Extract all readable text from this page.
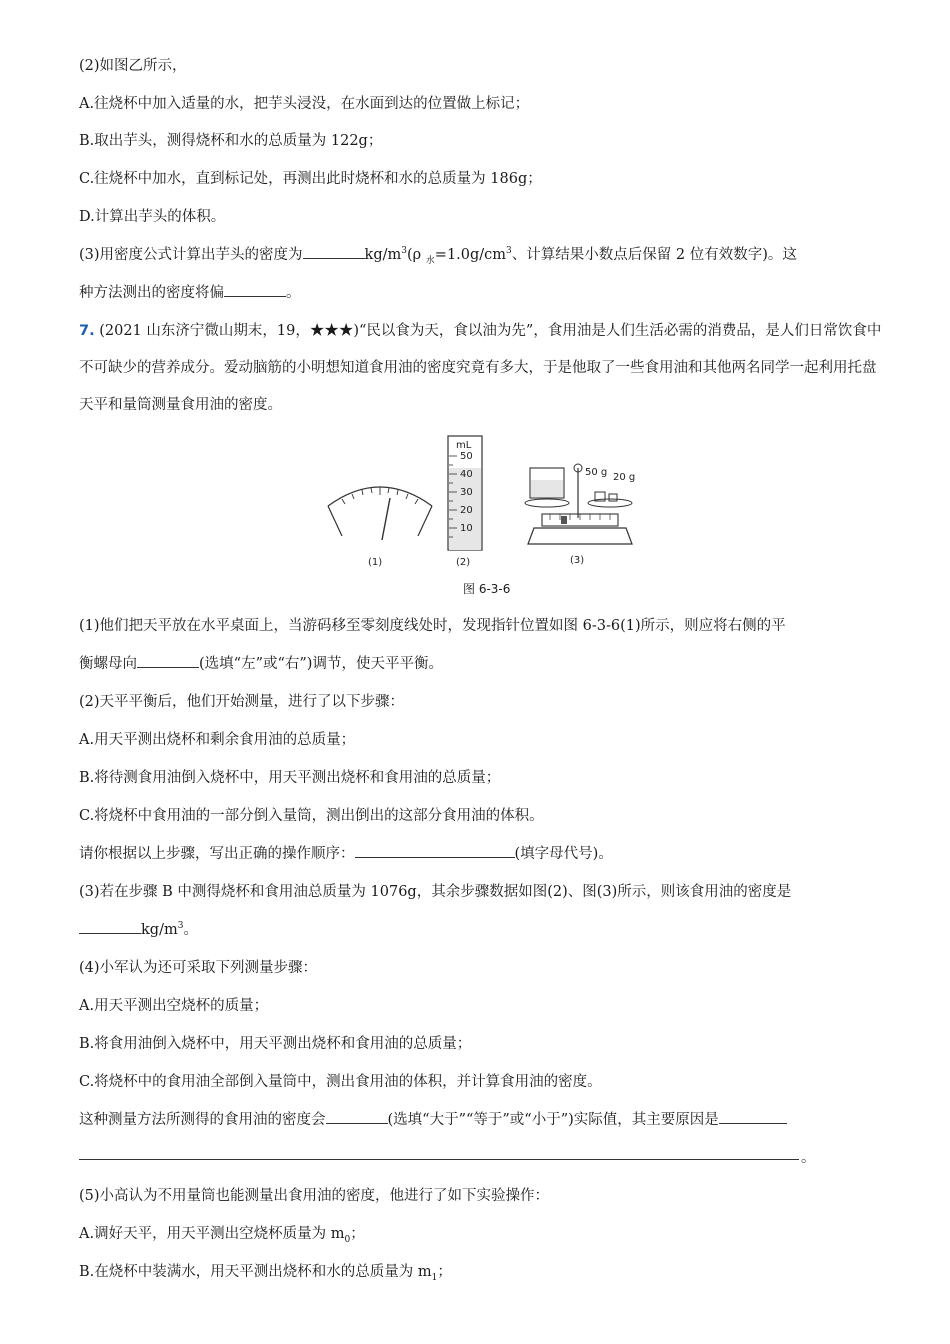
(2)如图乙所示，
A.往烧杯中加入适量的水，把芋头浸没，在水面到达的位置做上标记；
B.取出芋头，测得烧杯和水的总质量为 122g；
C.往烧杯中加水，直到标记处，再测出此时烧杯和水的总质量为 186g；
D.计算出芋头的体积。
(3)用密度公式计算出芋头的密度为	$kg/m^3(\rho$ $_水=1.0g/cm^3$、计算结果小数点后保留 2 位有效数字)。这
种方法测出的密度将偏	。
7. (2021 山东济宁微山期末，19，★★★)“民以食为天，食以油为先”，食用油是人们生活必需的消费品，是人们日常饮食中不可缺少的营养成分。爱动脑筋的小明想知道食用油的密度究竟有多大，于是他取了一些食用油和其他两名同学一起利用托盘天平和量筒测量食用油的密度。
(1)
mL
50
40
30
20
10
(2)
50 g 20 g
(3)
图 6-3-6
(1)他们把天平放在水平桌面上，当游码移至零刻度线处时，发现指针位置如图 6-3-6(1)所示，则应将右侧的平
衡螺母向	(选填“左”或“右”)调节，使天平平衡。
(2)天平平衡后，他们开始测量，进行了以下步骤：
A.用天平测出烧杯和剩余食用油的总质量；
B.将待测食用油倒入烧杯中，用天平测出烧杯和食用油的总质量；
C.将烧杯中食用油的一部分倒入量筒，测出倒出的这部分食用油的体积。
请你根据以上步骤，写出正确的操作顺序：	(填字母代号)。
(3)若在步骤 B 中测得烧杯和食用油总质量为 1076g，其余步骤数据如图(2)、图(3)所示，则该食用油的密度是
$kg/m^3$。
(4)小军认为还可采取下列测量步骤：
A.用天平测出空烧杯的质量；
B.将食用油倒入烧杯中，用天平测出烧杯和食用油的总质量；
C.将烧杯中的食用油全部倒入量筒中，测出食用油的体积，并计算食用油的密度。
这种测量方法所测得的食用油的密度会	(选填“大于”“等于”或“小于”)实际值，其主要原因是
。
(5)小高认为不用量筒也能测量出食用油的密度，他进行了如下实验操作：
A.调好天平，用天平测出空烧杯质量为 $m_0$；
B.在烧杯中装满水，用天平测出烧杯和水的总质量为 $m_1$；
